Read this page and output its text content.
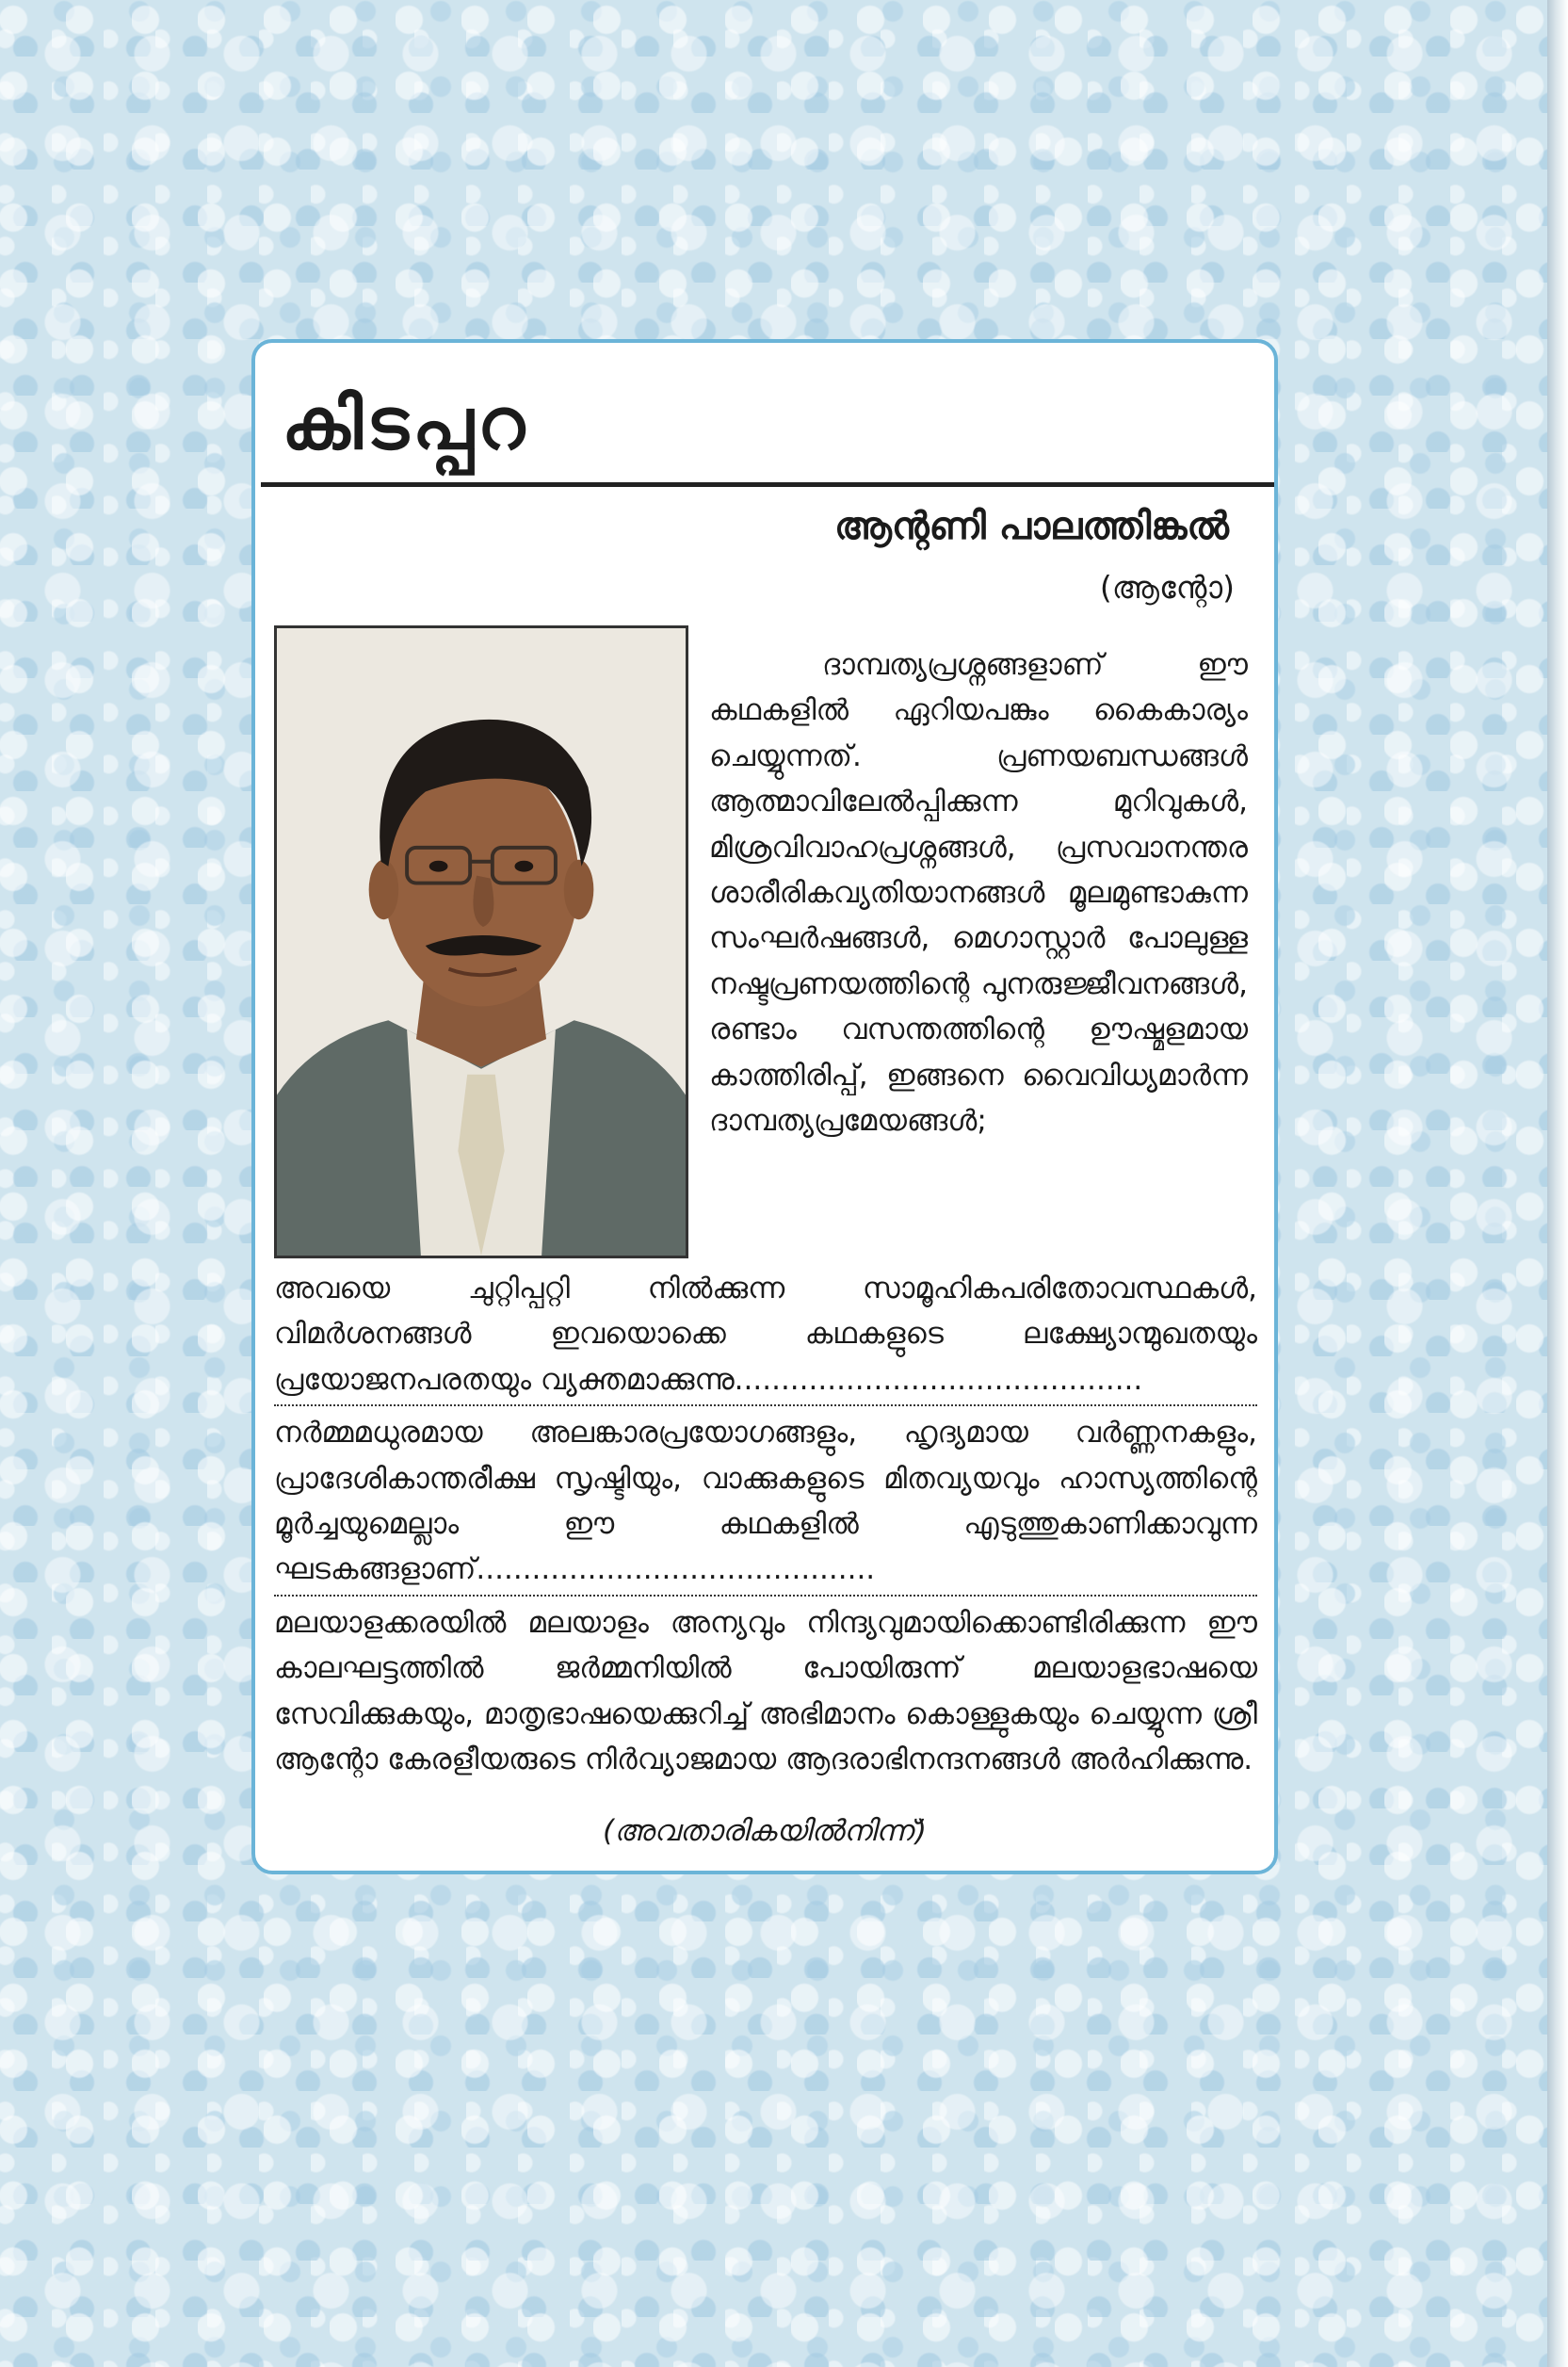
കിടപ്പറ

ആന്റണി പാലത്തിങ്കൽ

(ആന്റോ)

ദാമ്പത്യപ്രശ്നങ്ങളാണ് ഈ കഥകളിൽ ഏറിയപങ്കും കൈകാര്യം ചെയ്യുന്നത്. പ്രണയബന്ധങ്ങൾ ആത്മാവിലേൽപ്പിക്കുന്ന മുറിവുകൾ, മിശ്രവിവാഹപ്രശ്നങ്ങൾ, പ്രസവാനന്തര ശാരീരികവ്യതിയാനങ്ങൾ മൂലമുണ്ടാകുന്ന സംഘർഷങ്ങൾ, മെഗാസ്റ്റാർ പോലുള്ള നഷ്ടപ്രണയത്തിന്റെ പുനരുജ്ജീവനങ്ങൾ, രണ്ടാം വസന്തത്തിന്റെ ഊഷ്മളമായ കാത്തിരിപ്പ്, ഇങ്ങനെ വൈവിധ്യമാർന്ന ദാമ്പത്യപ്രമേയങ്ങൾ;

അവയെ ചുറ്റിപ്പറ്റി നിൽക്കുന്ന സാമൂഹികപരിതോവസ്ഥകൾ, വിമർശനങ്ങൾ ഇവയൊക്കെ കഥകളുടെ ലക്ഷ്യോന്മുഖതയും പ്രയോജനപരതയും വ്യക്തമാക്കുന്നു............................................

നർമ്മമധുരമായ അലങ്കാരപ്രയോഗങ്ങളും, ഹൃദ്യമായ വർണ്ണനകളും, പ്രാദേശികാന്തരീക്ഷ സൃഷ്ടിയും, വാക്കുകളുടെ മിതവ്യയവും ഹാസ്യത്തിന്റെ മൂർച്ചയുമെല്ലാം ഈ കഥകളിൽ എടുത്തുകാണിക്കാവുന്ന ഘടകങ്ങളാണ്...........................................

മലയാളക്കരയിൽ മലയാളം അന്യവും നിന്ദ്യവുമായിക്കൊണ്ടിരിക്കുന്ന ഈ കാലഘട്ടത്തിൽ ജർമ്മനിയിൽ പോയിരുന്ന് മലയാളഭാഷയെ സേവിക്കുകയും, മാതൃഭാഷയെക്കുറിച്ച് അഭിമാനം കൊള്ളുകയും ചെയ്യുന്ന ശ്രീ ആന്റോ കേരളീയരുടെ നിർവ്യാജമായ ആദരാഭിനന്ദനങ്ങൾ അർഹിക്കുന്നു.

(അവതാരികയിൽനിന്ന്)
